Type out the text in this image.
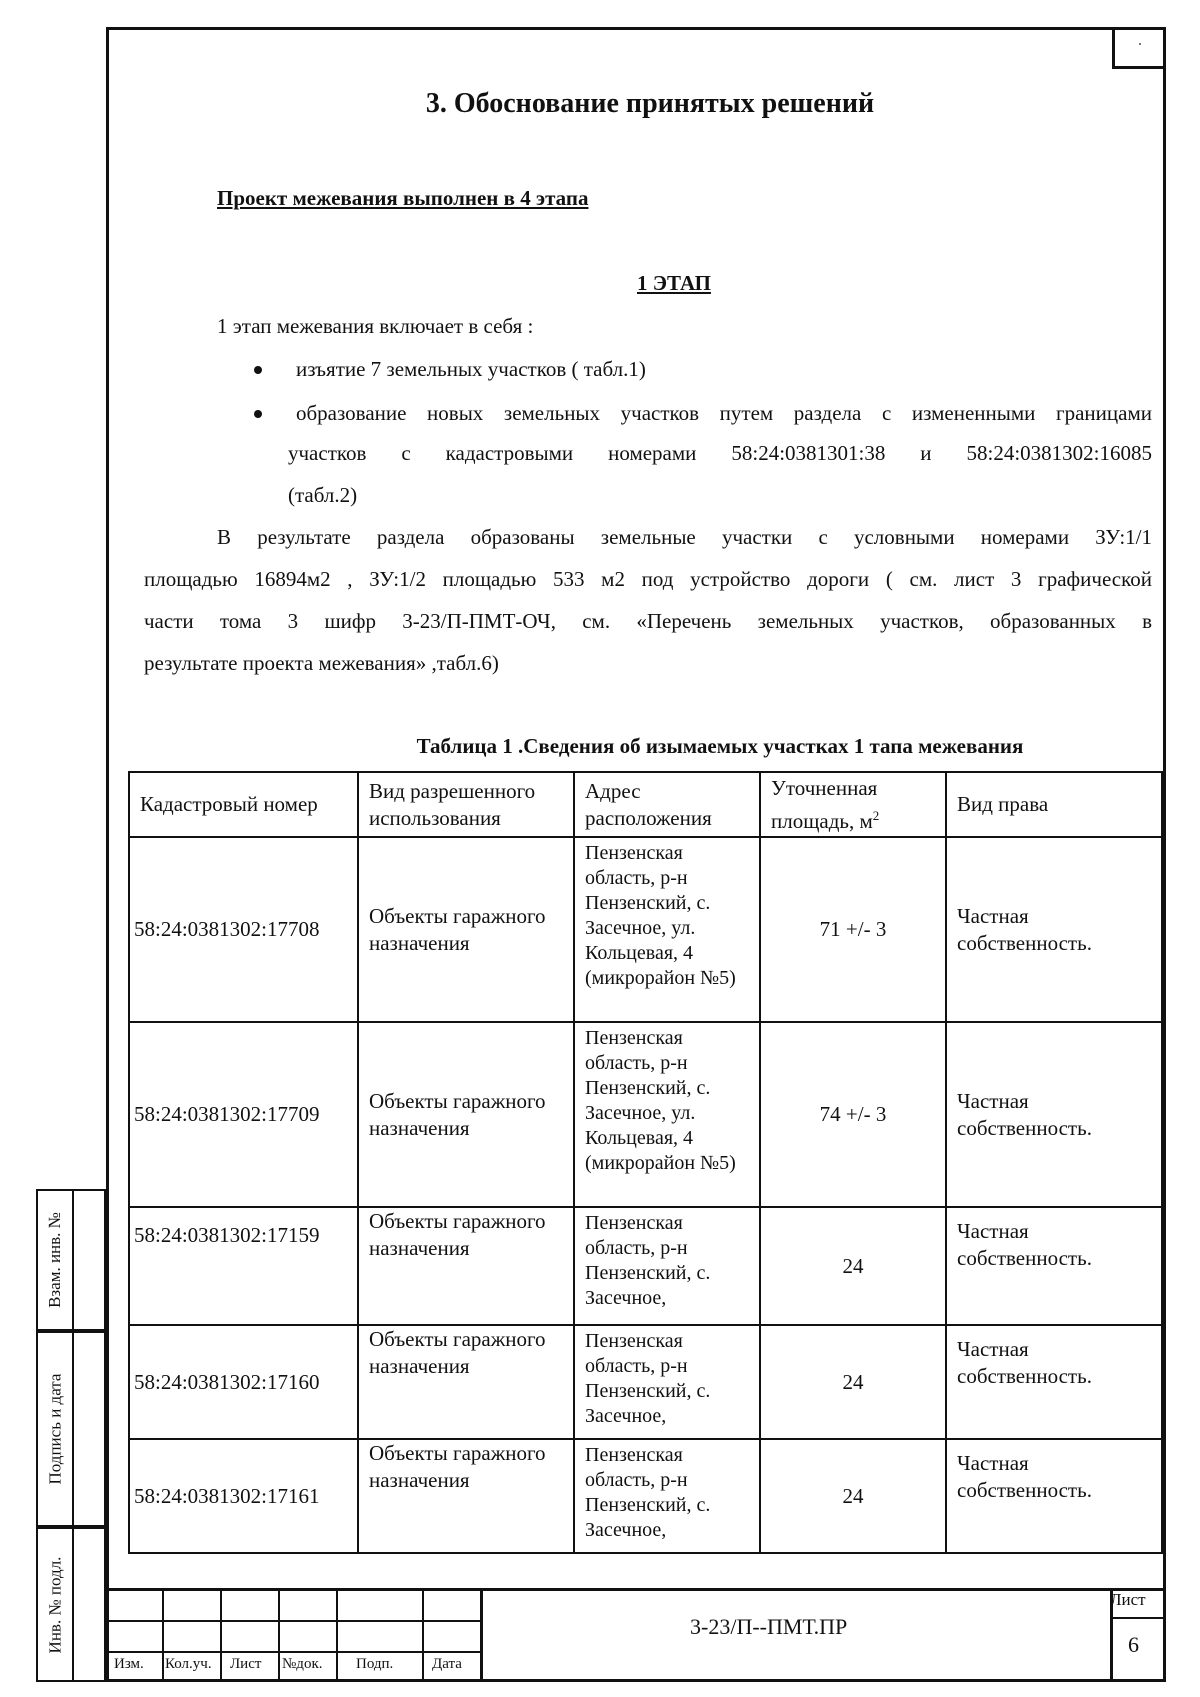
3. Обоснование принятых решений
Проект межевания выполнен в 4 этапа
1 ЭТАП
1 этап межевания включает в себя :
изъятие 7 земельных участков ( табл.1)
образование новых земельных участков путем раздела с измененными границами
участков с кадастровыми номерами 58:24:0381301:38 и 58:24:0381302:16085
(табл.2)
В результате раздела образованы земельные участки с условными номерами ЗУ:1/1
площадью 16894м2 , ЗУ:1/2 площадью 533 м2 под устройство дороги ( см. лист 3 графической
части тома 3 шифр 3-23/П-ПМТ-ОЧ, см. «Перечень земельных участков, образованных в
результате проекта межевания» ,табл.6)
Таблица 1 .Сведения об изымаемых участках 1 тапа межевания
Кадастровый номер	Вид разрешенного использования	Адрес расположения	Уточненная площадь, $м^2$	Вид права
58:24:0381302:17708	Объекты гаражного назначения	Пензенская область, р-н Пензенский, с. Засечное, ул. Кольцевая, 4 (микрорайон №5)	71 +/- 3	Частная собственность.
58:24:0381302:17709	Объекты гаражного назначения	Пензенская область, р-н Пензенский, с. Засечное, ул. Кольцевая, 4 (микрорайон №5)	74 +/- 3	Частная собственность.
58:24:0381302:17159	Объекты гаражного назначения	Пензенская область, р-н Пензенский, с. Засечное,	24	Частная собственность.
58:24:0381302:17160	Объекты гаражного назначения	Пензенская область, р-н Пензенский, с. Засечное,	24	Частная собственность.
58:24:0381302:17161	Объекты гаражного назначения	Пензенская область, р-н Пензенский, с. Засечное,	24	Частная собственность.
Взам. инв. №
Подпись и дата
Инв. № подл.
Изм. Кол.уч. Лист №док. Подп.	Дата
3-23/П--ПМТ.ПР
Лист
6
